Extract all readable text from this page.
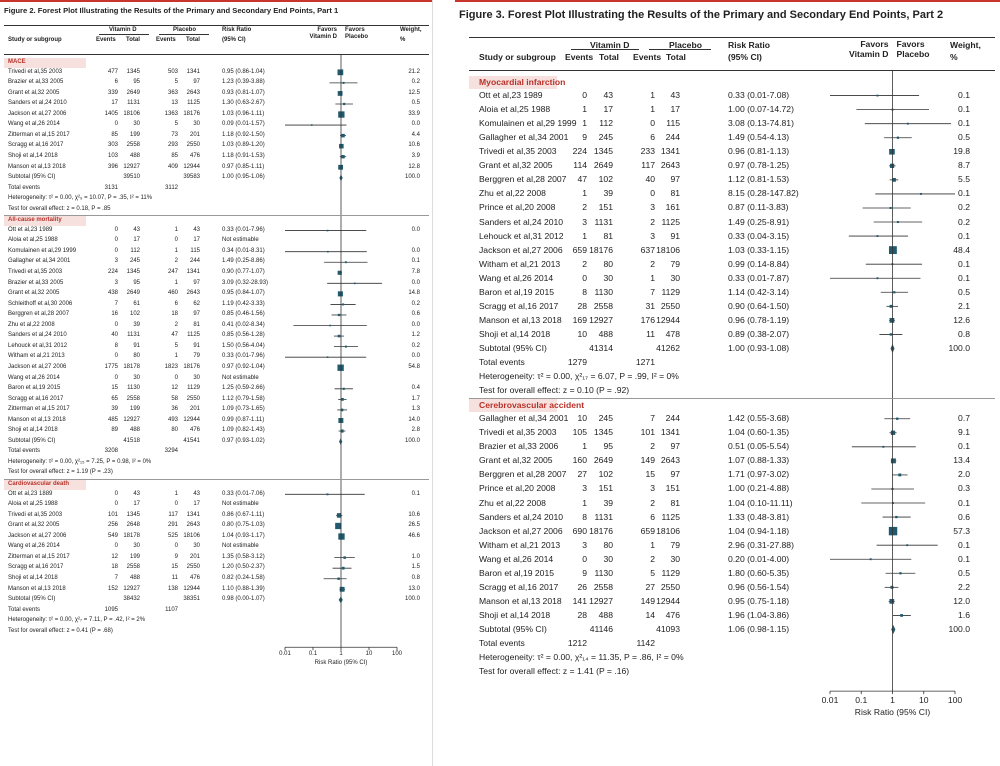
Figure 2. Forest Plot Illustrating the Results of the Primary and Secondary End Points, Part 1
Vitamin D	Placebo
Study or subgroup	Events Total	Events Total
Risk Ratio
(95% CI)
Weight,
%
Favors
Vitamin D
Favors
Placebo
MACE
Trivedi et al,35 2003	477 1345	503 1341	0.95 (0.86-1.04)	21.2
Brazier et al,33 2005	6	95	5	97	1.23 (0.39-3.88)	0.2
Grant et al,32 2005	339 2649	363 2643	0.93 (0.81-1.07)	12.5
Sanders et al,24 2010	17 1131	13 1125	1.30 (0.63-2.67)	0.5
Jackson et al,27 2006	1405 18106	1363 18176	1.03 (0.96-1.11)	33.9
Wang et al,26 2014	0	30	5	30	0.09 (0.01-1.57)	0.0
Zitterman et al,15 2017	85 199	73 201	1.18 (0.92-1.50)	4.4
Scragg et al,16 2017	303 2558	293 2550	1.03 (0.89-1.20)	10.6
Shoji et al,14 2018	103 488	85 476	1.18 (0.91-1.53)	3.9
Manson et al,13 2018	396 12927	409 12944	0.97 (0.85-1.11)	12.8
Subtotal (95% CI)	39510	39583	1.00 (0.95-1.06)	100.0
Total events	3131	3112
Heterogeneity: τ² = 0.00, χ²₉ = 10.07, P = .35, I² = 11%
Test for overall effect: z = 0.18, P = .85
All-cause mortality
Ott et al,23 1989	0	43	1	43	0.33 (0.01-7.96)	0.0
Aloia et al,25 1988	0	17	0	17	Not estimable
Komulainen et al,29 1999	0 112	1 115	0.34 (0.01-8.31)	0.0
Gallagher et al,34 2001	3 245	2 244	1.49 (0.25-8.86)	0.1
Trivedi et al,35 2003	224 1345	247 1341	0.90 (0.77-1.07)	7.8
Brazier et al,33 2005	3	95	1	97	3.09 (0.32-28.93)	0.0
Grant et al,32 2005	438 2649	460 2643	0.95 (0.84-1.07)	14.8
Schleithoff et al,30 2006	7	61	6	62	1.19 (0.42-3.33)	0.2
Berggren et al,28 2007	16 102	18	97	0.85 (0.46-1.56)	0.6
Zhu et al,22 2008	0	39	2	81	0.41 (0.02-8.34)	0.0
Sanders et al,24 2010	40 1131	47 1125	0.85 (0.56-1.28)	1.2
Lehouck et al,31 2012	8	91	5	91	1.50 (0.56-4.04)	0.2
Witham et al,21 2013	0	80	1	79	0.33 (0.01-7.96)	0.0
Jackson et al,27 2006	1775 18178	1823 18176	0.97 (0.92-1.04)	54.8
Wang et al,26 2014	0	30	0	30	Not estimable
Baron et al,19 2015	15 1130	12 1129	1.25 (0.59-2.66)	0.4
Scragg et al,16 2017	65 2558	58 2550	1.12 (0.79-1.58)	1.7
Zitterman et al,15 2017	39 199	36 201	1.09 (0.73-1.65)	1.3
Manson et al,13 2018	485 12927	493 12944	0.99 (0.87-1.11)	14.0
Shoji et al,14 2018	89 488	80 476	1.09 (0.82-1.43)	2.8
Subtotal (95% CI)	41518	41541	0.97 (0.93-1.02)	100.0
Total events	3208	3294
Heterogeneity: τ² = 0.00, χ²₁₅ = 7.25, P = 0.98, I² = 0%
Test for overall effect: z = 1.19 (P = .23)
Cardiovascular death
Ott et al,23 1889	0	43	1	43	0.33 (0.01-7.06)	0.1
Aloia et al,25 1988	0	17	0	17	Not estimable
Trivedi et al,35 2003	101 1345	117 1341	0.86 (0.67-1.11)	10.6
Grant et al,32 2005	256 2648	291 2643	0.80 (0.75-1.03)	26.5
Jackson et al,27 2006	549 18178	525 18106	1.04 (0.93-1.17)	46.6
Wang et al,26 2014	0	30	0	30	Not estimable
Zitterman et al,15 2017	12 199	9 201	1.35 (0.58-3.12)	1.0
Scragg et al,16 2017	18 2558	15 2550	1.20 (0.50-2.37)	1.5
Shoji et al,14 2018	7 488	11 476	0.82 (0.24-1.58)	0.8
Manson et al,13 2018	152 12927	138 12944	1.10 (0.88-1.39)	13.0
Subtotal (95% CI)	38432	38351	0.98 (0.00-1.07)	100.0
Total events	1095	1107
Heterogeneity: τ² = 0.00, χ²₇ = 7.11, P = .42, I² = 2%
Test for overall effect: z = 0.41 (P = .68)
0.01	0.1	1	10	100
Risk Ratio (95% CI)
Figure 3. Forest Plot Illustrating the Results of the Primary and Secondary End Points, Part 2
Vitamin D	Placebo
Study or subgroup Events Total Events Total
Risk Ratio
(95% CI)
Weight,
%
Favors
Vitamin D
Favors
Placebo
Myocardial infarction
Ott et al,23 1989	0 43	1 43	0.33 (0.01-7.08)	0.1
Aloia et al,25 1988	1 17	1 17	1.00 (0.07-14.72)	0.1
Komulainen et al,29 1999 1 112	0 115	3.08 (0.13-74.81)	0.1
Gallagher et al,34 2001 9 245	6 244	1.49 (0.54-4.13)	0.5
Trivedi et al,35 2003 224 1345	233 1341	0.96 (0.81-1.13)	19.8
Grant et al,32 2005 114 2649	117 2643	0.97 (0.78-1.25)	8.7
Berggren et al,28 2007 47 102	40 97	1.12 (0.81-1.53)	5.5
Zhu et al,22 2008	1 39	0 81	8.15 (0.28-147.82)	0.1
Prince et al,20 2008	2 151	3 161	0.87 (0.11-3.83)	0.2
Sanders et al,24 2010 3 1131	2 1125	1.49 (0.25-8.91)	0.2
Lehouck et al,31 2012 1 81	3 91	0.33 (0.04-3.15)	0.1
Jackson et al,27 2006 659 18176	637 18106	1.03 (0.33-1.15)	48.4
Witham et al,21 2013	2 80	2 79	0.99 (0.14-8.84)	0.1
Wang et al,26 2014	0 30	1 30	0.33 (0.01-7.87)	0.1
Baron et al,19 2015	8 1130	7 1129	1.14 (0.42-3.14)	0.5
Scragg et al,16 2017 28 2558	31 2550	0.90 (0.64-1.50)	2.1
Manson et al,13 2018 169 12927	176 12944	0.96 (0.78-1.19)	12.6
Shoji et al,14 2018	10 488	11 478	0.89 (0.38-2.07)	0.8
Subtotal (95% CI)	41314	41262	1.00 (0.93-1.08)	100.0
Total events	1279	1271
Heterogeneity: τ² = 0.00, χ²₁₇ = 6.07, P = .99, I² = 0%
Test for overall effect: z = 0.10 (P = .92)
Cerebrovascular accident
Gallagher et al,34 2001 10 245	7 244	1.42 (0.55-3.68)	0.7
Trivedi et al,35 2003 105 1345	101 1341	1.04 (0.60-1.35)	9.1
Brazier et al,33 2006	1 95	2 97	0.51 (0.05-5.54)	0.1
Grant et al,32 2005 160 2649	149 2643	1.07 (0.88-1.33)	13.4
Berggren et al,28 2007 27 102	15 97	1.71 (0.97-3.02)	2.0
Prince et al,20 2008	3 151	3 151	1.00 (0.21-4.88)	0.3
Zhu et al,22 2008	1 39	2 81	1.04 (0.10-11.11)	0.1
Sanders et al,24 2010 8 1131	6 1125	1.33 (0.48-3.81)	0.6
Jackson et al,27 2006 690 18176	659 18106	1.04 (0.94-1.18)	57.3
Witham et al,21 2013	3 80	1 79	2.96 (0.31-27.88)	0.1
Wang et al,26 2014	0 30	2 30	0.20 (0.01-4.00)	0.1
Baron et al,19 2015	9 1130	5 1129	1.80 (0.60-5.35)	0.5
Scragg et al,16 2017 26 2558	27 2550	0.96 (0.56-1.54)	2.2
Manson et al,13 2018 141 12927	149 12944	0.95 (0.75-1.18)	12.0
Shoji et al,14 2018	28 488	14 476	1.96 (1.04-3.86)	1.6
Subtotal (95% CI)	41146	41093	1.06 (0.98-1.15)	100.0
Total events	1212	1142
Heterogeneity: τ² = 0.00, χ²₁₄ = 11.35, P = .86, I² = 0%
Test for overall effect: z = 1.41 (P = .16)
0.01 0.1	1	10 100
Risk Ratio (95% CI)
